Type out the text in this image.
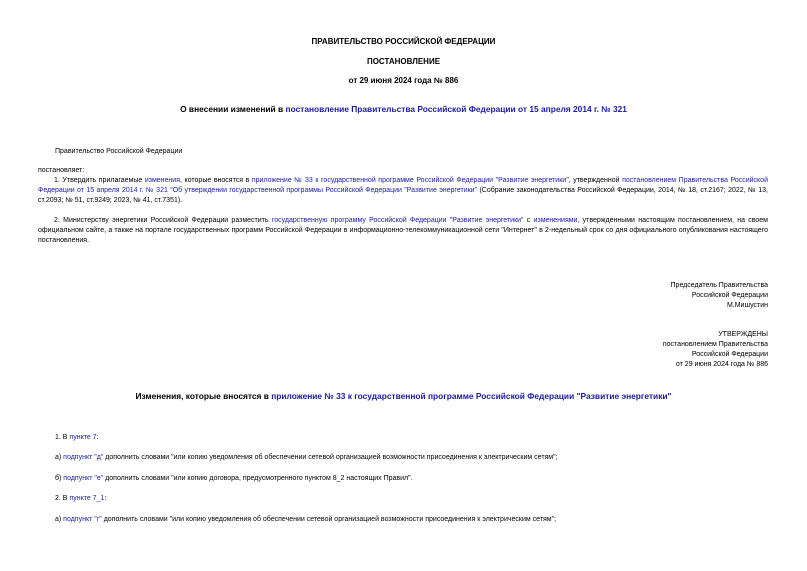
ПРАВИТЕЛЬСТВО РОССИЙСКОЙ ФЕДЕРАЦИИ
ПОСТАНОВЛЕНИЕ
от 29 июня 2024 года № 886
О внесении изменений в постановление Правительства Российской Федерации от 15 апреля 2014 г. № 321
Правительство Российской Федерации
постановляет:
1. Утвердить прилагаемые изменения, которые вносятся в приложение № 33 к государственной программе Российской Федерации "Развитие энергетики", утвержденной постановлением Правительства Российской Федерации от 15 апреля 2014 г. № 321 "Об утверждении государственной программы Российской Федерации "Развитие энергетики" (Собрание законодательства Российской Федерации, 2014, № 18, ст.2167; 2022, № 13, ст.2093; № 51, ст.9249; 2023, № 41, ст.7351).
2. Министерству энергетики Российской Федерации разместить государственную программу Российской Федерации "Развитие энергетики" с изменениями, утвержденными настоящим постановлением, на своем официальном сайте, а также на портале государственных программ Российской Федерации в информационно-телекоммуникационной сети "Интернет" в 2-недельный срок со дня официального опубликования настоящего постановления.
Председатель Правительства
Российской Федерации
М.Мишустин
УТВЕРЖДЕНЫ
постановлением Правительства
Российской Федерации
от 29 июня 2024 года № 886
Изменения, которые вносятся в приложение № 33 к государственной программе Российской Федерации "Развитие энергетики"
1. В пункте 7:
а) подпункт "д" дополнить словами "или копию уведомления об обеспечении сетевой организацией возможности присоединения к электрическим сетям";
б) подпункт "е" дополнить словами "или копию договора, предусмотренного пунктом 8_2 настоящих Правил".
2. В пункте 7_1:
а) подпункт "г" дополнить словами "или копию уведомления об обеспечении сетевой организацией возможности присоединения к электрическим сетям";
